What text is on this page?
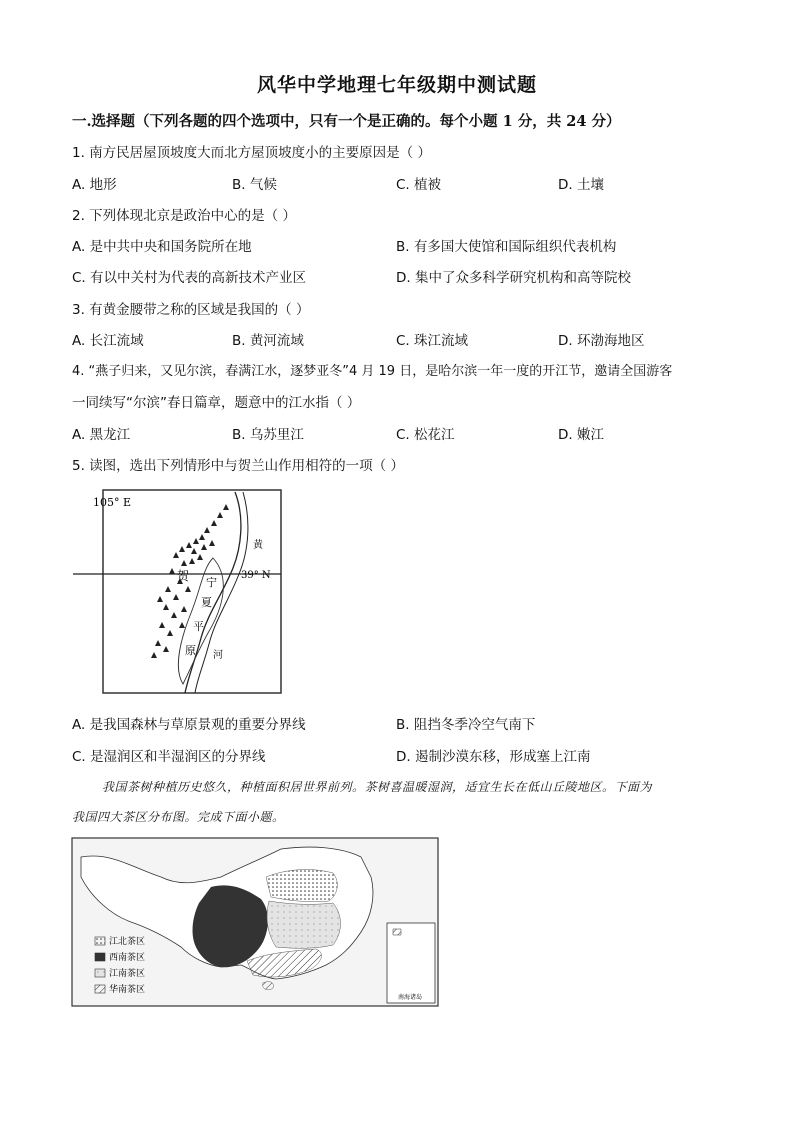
风华中学地理七年级期中测试题
一.选择题（下列各题的四个选项中，只有一个是正确的。每个小题 1 分，共 24 分）
1. 南方民居屋顶坡度大而北方屋顶坡度小的主要原因是（ ）
A. 地形	B. 气候	C. 植被	D. 土壤
2. 下列体现北京是政治中心的是（ ）
A. 是中共中央和国务院所在地	B. 有多国大使馆和国际组织代表机构
C. 有以中关村为代表的高新技术产业区	D. 集中了众多科学研究机构和高等院校
3. 有黄金腰带之称的区域是我国的（ ）
A. 长江流域	B. 黄河流域	C. 珠江流域	D. 环渤海地区
4. “燕子归来，又见尔滨，春满江水，逐梦亚冬”4 月 19 日，是哈尔滨一年一度的开江节，邀请全国游客
一同续写“尔滨”春日篇章，题意中的江水指（ ）
A. 黑龙江	B. 乌苏里江	C. 松花江	D. 嫩江
5. 读图，选出下列情形中与贺兰山作用相符的一项（ ）
105° E
39° N
贺 宁
夏
平
原 河
黄
A. 是我国森林与草原景观的重要分界线	B. 阻挡冬季冷空气南下
C. 是湿润区和半湿润区的分界线	D. 遏制沙漠东移，形成塞上江南
我国茶树种植历史悠久，种植面积居世界前列。茶树喜温暖湿润，适宜生长在低山丘陵地区。下面为
我国四大茶区分布图。完成下面小题。
南海诸岛
江北茶区
西南茶区
江南茶区
华南茶区
